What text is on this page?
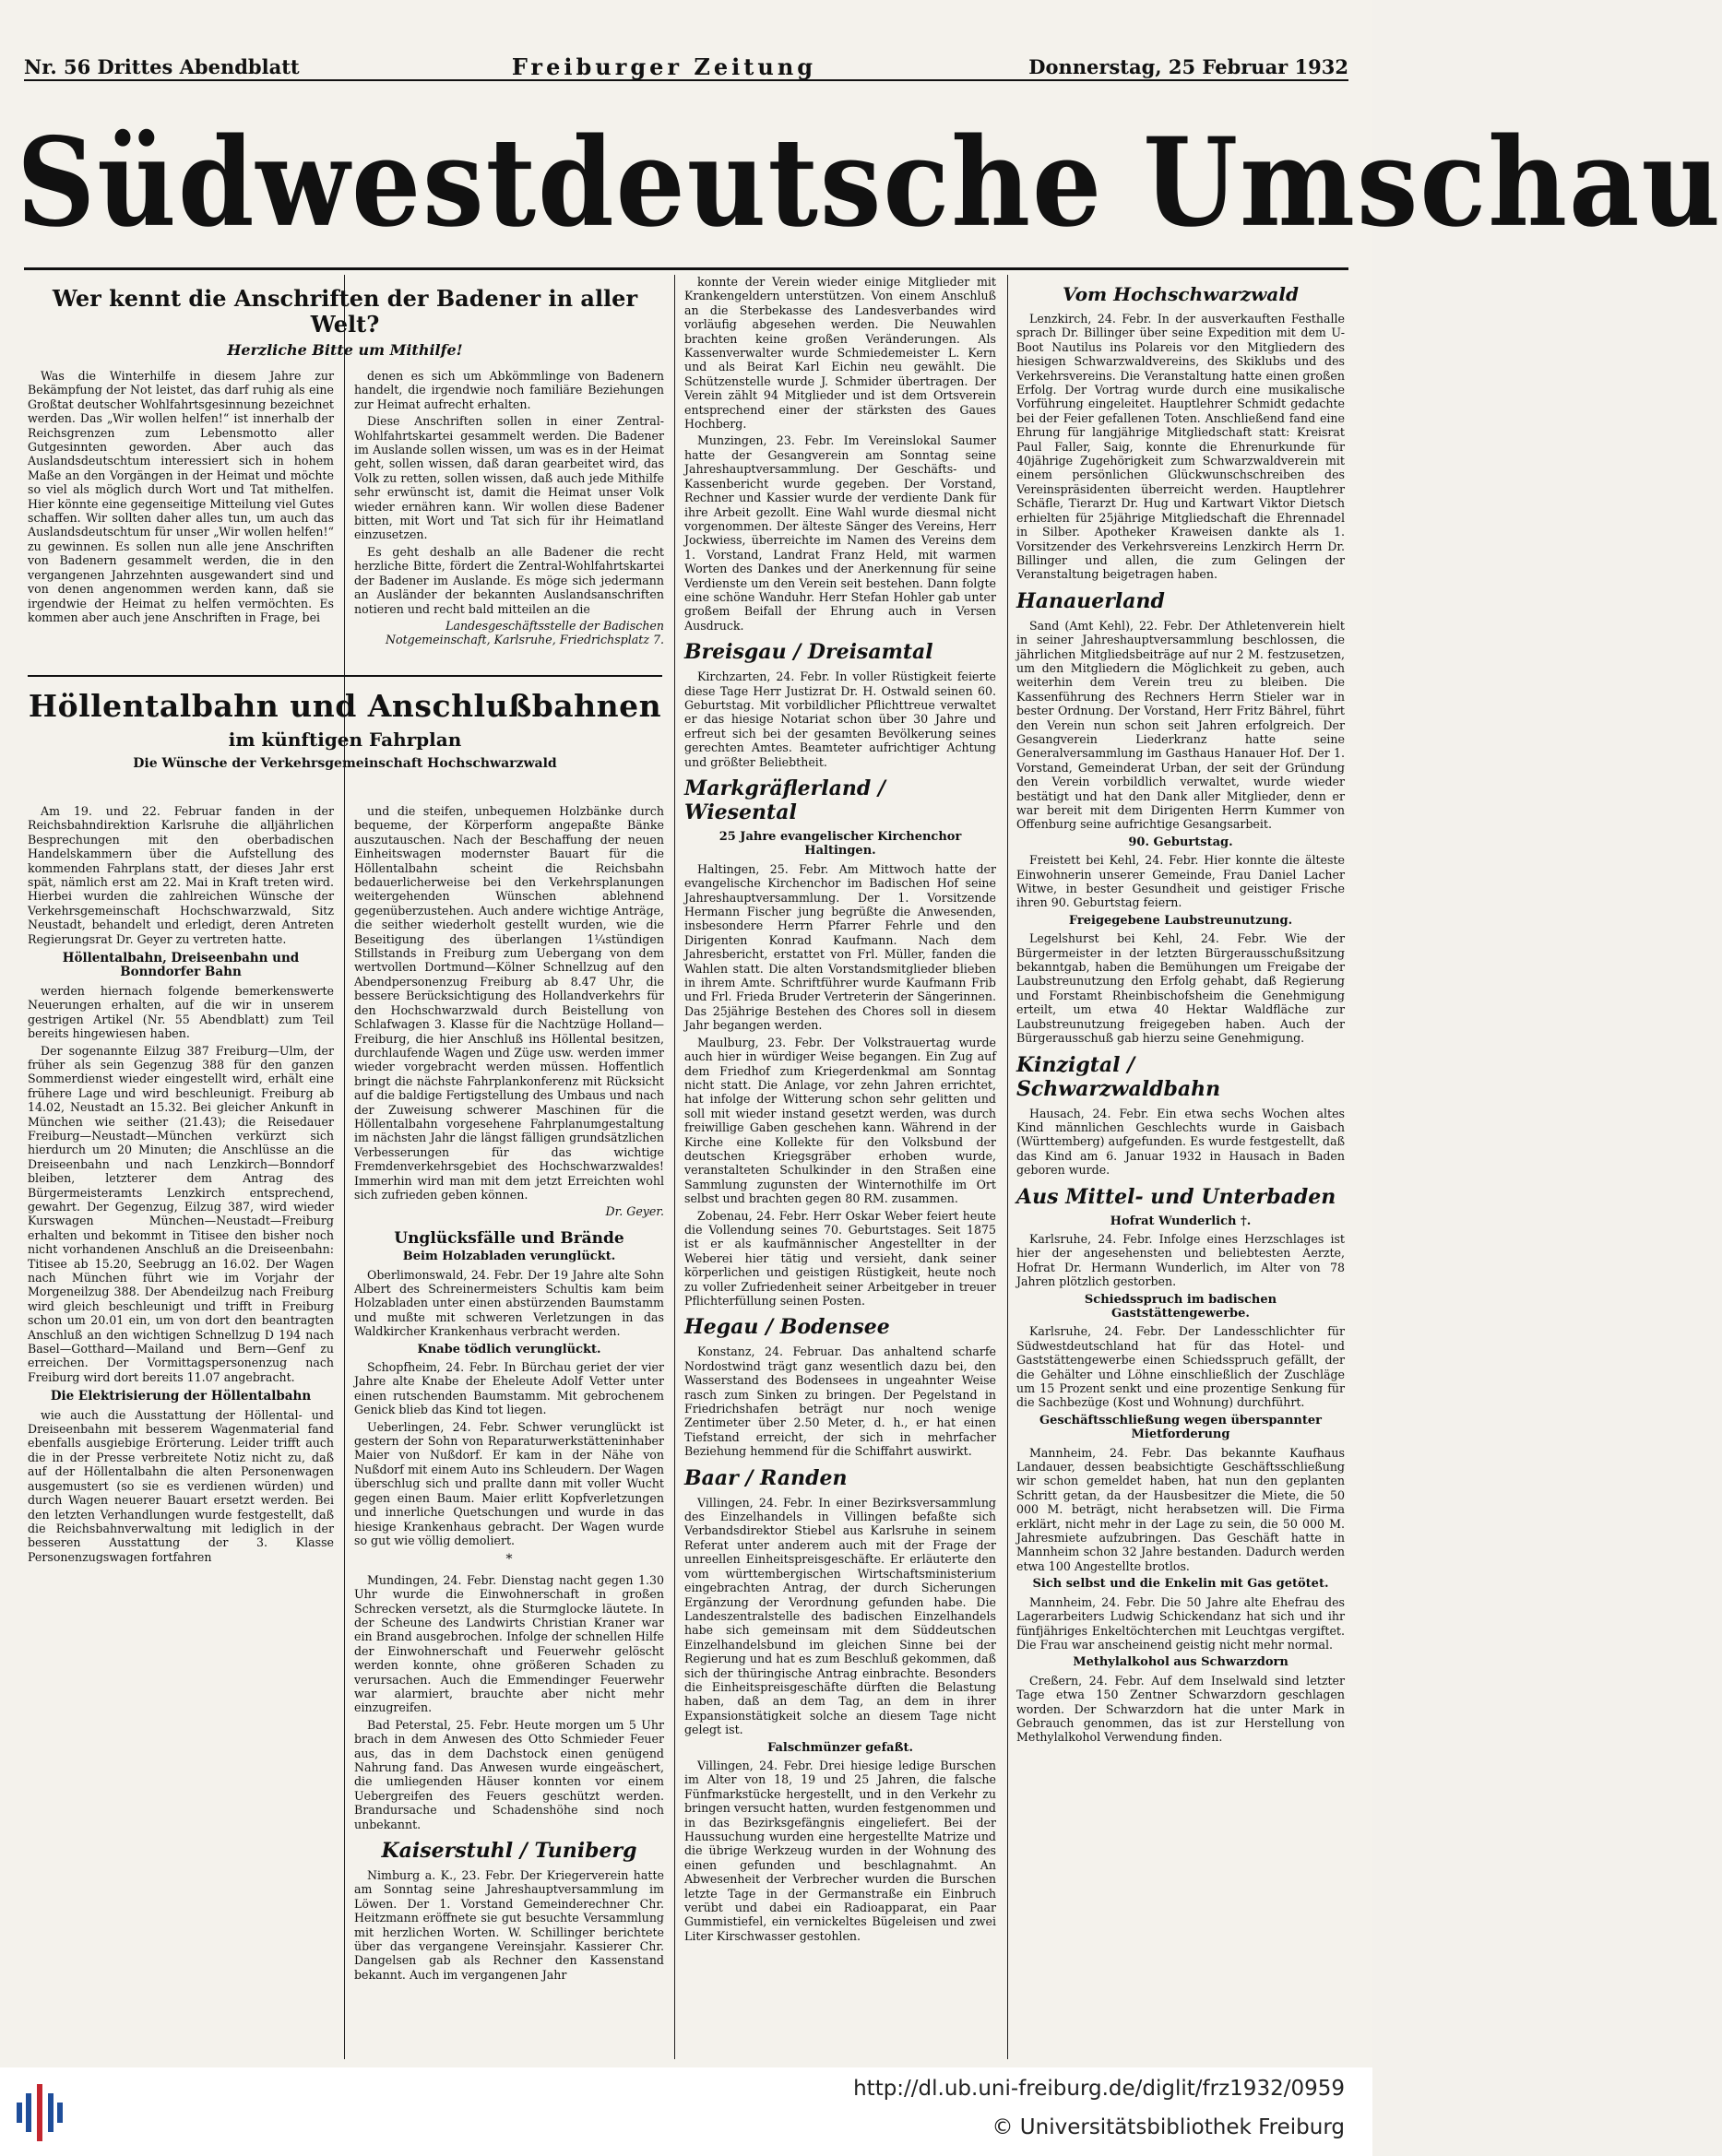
Nr. 56 Drittes Abendblatt	Freiburger Zeitung	Donnerstag, 25 Februar 1932
Südwestdeutsche Umschau
Wer kennt die Anschriften der Badener in aller Welt?
Herzliche Bitte um Mithilfe!

Was die Winterhilfe in diesem Jahre zur Bekämpfung der Not leistet, das darf ruhig als eine Großtat deutscher Wohlfahrtsgesinnung bezeichnet werden. Das „Wir wollen helfen!“ ist innerhalb der Reichsgrenzen zum Lebensmotto aller Gutgesinnten geworden. Aber auch das Auslandsdeutschtum interessiert sich in hohem Maße an den Vorgängen in der Heimat und möchte so viel als möglich durch Wort und Tat mithelfen. Hier könnte eine gegenseitige Mitteilung viel Gutes schaffen. Wir sollten daher alles tun, um auch das Auslandsdeutschtum für unser „Wir wollen helfen!“ zu gewinnen. Es sollen nun alle jene Anschriften von Badenern gesammelt werden, die in den vergangenen Jahrzehnten ausgewandert sind und von denen angenommen werden kann, daß sie irgendwie der Heimat zu helfen vermöchten. Es kommen aber auch jene Anschriften in Frage, bei

Höllentalbahn und Anschlußbahnen
im künftigen Fahrplan
Die Wünsche der Verkehrsgemeinschaft Hochschwarzwald

Am 19. und 22. Februar fanden in der Reichsbahndirektion Karlsruhe die alljährlichen Besprechungen mit den oberbadischen Handelskammern über die Aufstellung des kommenden Fahrplans statt, der dieses Jahr erst spät, nämlich erst am 22. Mai in Kraft treten wird. Hierbei wurden die zahlreichen Wünsche der Verkehrsgemeinschaft Hochschwarzwald, Sitz Neustadt, behandelt und erledigt, deren Antreten Regierungsrat Dr. Geyer zu vertreten hatte.

Höllentalbahn, Dreiseenbahn und Bonndorfer Bahn

werden hiernach folgende bemerkenswerte Neuerungen erhalten, auf die wir in unserem gestrigen Artikel (Nr. 55 Abendblatt) zum Teil bereits hingewiesen haben.

Der sogenannte Eilzug 387 Freiburg—Ulm, der früher als sein Gegenzug 388 für den ganzen Sommerdienst wieder eingestellt wird, erhält eine frühere Lage und wird beschleunigt. Freiburg ab 14.02, Neustadt an 15.32. Bei gleicher Ankunft in München wie seither (21.43); die Reisedauer Freiburg—Neustadt—München verkürzt sich hierdurch um 20 Minuten; die Anschlüsse an die Dreiseenbahn und nach Lenzkirch—Bonndorf bleiben, letzterer dem Antrag des Bürgermeisteramts Lenzkirch entsprechend, gewahrt. Der Gegenzug, Eilzug 387, wird wieder Kurswagen München—Neustadt—Freiburg erhalten und bekommt in Titisee den bisher noch nicht vorhandenen Anschluß an die Dreiseenbahn: Titisee ab 15.20, Seebrugg an 16.02. Der Wagen nach München führt wie im Vorjahr der Morgeneilzug 388. Der Abendeilzug nach Freiburg wird gleich beschleunigt und trifft in Freiburg schon um 20.01 ein, um von dort den beantragten Anschluß an den wichtigen Schnellzug D 194 nach Basel—Gotthard—Mailand und Bern—Genf zu erreichen. Der Vormittagspersonenzug nach Freiburg wird dort bereits 11.07 angebracht.

Die Elektrisierung der Höllentalbahn

wie auch die Ausstattung der Höllental- und Dreiseenbahn mit besserem Wagenmaterial fand ebenfalls ausgiebige Erörterung. Leider trifft auch die in der Presse verbreitete Notiz nicht zu, daß auf der Höllentalbahn die alten Personenwagen ausgemustert (so sie es verdienen würden) und durch Wagen neuerer Bauart ersetzt werden. Bei den letzten Verhandlungen wurde festgestellt, daß die Reichsbahnverwaltung mit lediglich in der besseren Ausstattung der 3. Klasse Personenzugswagen fortfahren

denen es sich um Abkömmlinge von Badenern handelt, die irgendwie noch familiäre Beziehungen zur Heimat aufrecht erhalten.

Diese Anschriften sollen in einer Zentral-Wohlfahrtskartei gesammelt werden. Die Badener im Auslande sollen wissen, um was es in der Heimat geht, sollen wissen, daß daran gearbeitet wird, das Volk zu retten, sollen wissen, daß auch jede Mithilfe sehr erwünscht ist, damit die Heimat unser Volk wieder ernähren kann. Wir wollen diese Badener bitten, mit Wort und Tat sich für ihr Heimatland einzusetzen.

Es geht deshalb an alle Badener die recht herzliche Bitte, fördert die Zentral-Wohlfahrtskartei der Badener im Auslande. Es möge sich jedermann an Ausländer der bekannten Auslandsanschriften notieren und recht bald mitteilen an die

Landesgeschäftsstelle der Badischen Notgemeinschaft, Karlsruhe, Friedrichsplatz 7.

und die steifen, unbequemen Holzbänke durch bequeme, der Körperform angepaßte Bänke auszutauschen. Nach der Beschaffung der neuen Einheitswagen modernster Bauart für die Höllentalbahn scheint die Reichsbahn bedauerlicherweise bei den Verkehrsplanungen weitergehenden Wünschen ablehnend gegenüberzustehen. Auch andere wichtige Anträge, die seither wiederholt gestellt wurden, wie die Beseitigung des überlangen 1¼stündigen Stillstands in Freiburg zum Uebergang von dem wertvollen Dortmund—Kölner Schnellzug auf den Abendpersonenzug Freiburg ab 8.47 Uhr, die bessere Berücksichtigung des Hollandverkehrs für den Hochschwarzwald durch Beistellung von Schlafwagen 3. Klasse für die Nachtzüge Holland—Freiburg, die hier Anschluß ins Höllental besitzen, durchlaufende Wagen und Züge usw. werden immer wieder vorgebracht werden müssen. Hoffentlich bringt die nächste Fahrplankonferenz mit Rücksicht auf die baldige Fertigstellung des Umbaus und nach der Zuweisung schwerer Maschinen für die Höllentalbahn vorgesehene Fahrplanumgestaltung im nächsten Jahr die längst fälligen grundsätzlichen Verbesserungen für das wichtige Fremdenverkehrsgebiet des Hochschwarzwaldes! Immerhin wird man mit dem jetzt Erreichten wohl sich zufrieden geben können.

Dr. Geyer.

Unglücksfälle und Brände
Beim Holzabladen verunglückt.

Oberlimonswald, 24. Febr. Der 19 Jahre alte Sohn Albert des Schreinermeisters Schultis kam beim Holzabladen unter einen abstürzenden Baumstamm und mußte mit schweren Verletzungen in das Waldkircher Krankenhaus verbracht werden.

Knabe tödlich verunglückt.

Schopfheim, 24. Febr. In Bürchau geriet der vier Jahre alte Knabe der Eheleute Adolf Vetter unter einen rutschenden Baumstamm. Mit gebrochenem Genick blieb das Kind tot liegen.

Ueberlingen, 24. Febr. Schwer verunglückt ist gestern der Sohn von Reparaturwerkstätteninhaber Maier von Nußdorf. Er kam in der Nähe von Nußdorf mit einem Auto ins Schleudern. Der Wagen überschlug sich und prallte dann mit voller Wucht gegen einen Baum. Maier erlitt Kopfverletzungen und innerliche Quetschungen und wurde in das hiesige Krankenhaus gebracht. Der Wagen wurde so gut wie völlig demoliert.

*

Mundingen, 24. Febr. Dienstag nacht gegen 1.30 Uhr wurde die Einwohnerschaft in großen Schrecken versetzt, als die Sturmglocke läutete. In der Scheune des Landwirts Christian Kraner war ein Brand ausgebrochen. Infolge der schnellen Hilfe der Einwohnerschaft und Feuerwehr gelöscht werden konnte, ohne größeren Schaden zu verursachen. Auch die Emmendinger Feuerwehr war alarmiert, brauchte aber nicht mehr einzugreifen.

Bad Peterstal, 25. Febr. Heute morgen um 5 Uhr brach in dem Anwesen des Otto Schmieder Feuer aus, das in dem Dachstock einen genügend Nahrung fand. Das Anwesen wurde eingeäschert, die umliegenden Häuser konnten vor einem Uebergreifen des Feuers geschützt werden. Brandursache und Schadenshöhe sind noch unbekannt.

Kaiserstuhl / Tuniberg

Nimburg a. K., 23. Febr. Der Kriegerverein hatte am Sonntag seine Jahreshauptversammlung im Löwen. Der 1. Vorstand Gemeinderechner Chr. Heitzmann eröffnete sie gut besuchte Versammlung mit herzlichen Worten. W. Schillinger berichtete über das vergangene Vereinsjahr. Kassierer Chr. Dangelsen gab als Rechner den Kassenstand bekannt. Auch im vergangenen Jahr

konnte der Verein wieder einige Mitglieder mit Krankengeldern unterstützen. Von einem Anschluß an die Sterbekasse des Landesverbandes wird vorläufig abgesehen werden. Die Neuwahlen brachten keine großen Veränderungen. Als Kassenverwalter wurde Schmiedemeister L. Kern und als Beirat Karl Eichin neu gewählt. Die Schützenstelle wurde J. Schmider übertragen. Der Verein zählt 94 Mitglieder und ist dem Ortsverein entsprechend einer der stärksten des Gaues Hochberg.

Munzingen, 23. Febr. Im Vereinslokal Saumer hatte der Gesangverein am Sonntag seine Jahreshauptversammlung. Der Geschäfts- und Kassenbericht wurde gegeben. Der Vorstand, Rechner und Kassier wurde der verdiente Dank für ihre Arbeit gezollt. Eine Wahl wurde diesmal nicht vorgenommen. Der älteste Sänger des Vereins, Herr Jockwiess, überreichte im Namen des Vereins dem 1. Vorstand, Landrat Franz Held, mit warmen Worten des Dankes und der Anerkennung für seine Verdienste um den Verein seit bestehen. Dann folgte eine schöne Wanduhr. Herr Stefan Hohler gab unter großem Beifall der Ehrung auch in Versen Ausdruck.

Breisgau / Dreisamtal

Kirchzarten, 24. Febr. In voller Rüstigkeit feierte diese Tage Herr Justizrat Dr. H. Ostwald seinen 60. Geburtstag. Mit vorbildlicher Pflichttreue verwaltet er das hiesige Notariat schon über 30 Jahre und erfreut sich bei der gesamten Bevölkerung seines gerechten Amtes. Beamteter aufrichtiger Achtung und größter Beliebtheit.

Markgräflerland / Wiesental
25 Jahre evangelischer Kirchenchor Haltingen.

Haltingen, 25. Febr. Am Mittwoch hatte der evangelische Kirchenchor im Badischen Hof seine Jahreshauptversammlung. Der 1. Vorsitzende Hermann Fischer jung begrüßte die Anwesenden, insbesondere Herrn Pfarrer Fehrle und den Dirigenten Konrad Kaufmann. Nach dem Jahresbericht, erstattet von Frl. Müller, fanden die Wahlen statt. Die alten Vorstandsmitglieder blieben in ihrem Amte. Schriftführer wurde Kaufmann Frib und Frl. Frieda Bruder Vertreterin der Sängerinnen. Das 25jährige Bestehen des Chores soll in diesem Jahr begangen werden.

Maulburg, 23. Febr. Der Volkstrauertag wurde auch hier in würdiger Weise begangen. Ein Zug auf dem Friedhof zum Kriegerdenkmal am Sonntag nicht statt. Die Anlage, vor zehn Jahren errichtet, hat infolge der Witterung schon sehr gelitten und soll mit wieder instand gesetzt werden, was durch freiwillige Gaben geschehen kann. Während in der Kirche eine Kollekte für den Volksbund der deutschen Kriegsgräber erhoben wurde, veranstalteten Schulkinder in den Straßen eine Sammlung zugunsten der Winternothilfe im Ort selbst und brachten gegen 80 RM. zusammen.

Zobenau, 24. Febr. Herr Oskar Weber feiert heute die Vollendung seines 70. Geburtstages. Seit 1875 ist er als kaufmännischer Angestellter in der Weberei hier tätig und versieht, dank seiner körperlichen und geistigen Rüstigkeit, heute noch zu voller Zufriedenheit seiner Arbeitgeber in treuer Pflichterfüllung seinen Posten.

Hegau / Bodensee

Konstanz, 24. Februar. Das anhaltend scharfe Nordostwind trägt ganz wesentlich dazu bei, den Wasserstand des Bodensees in ungeahnter Weise rasch zum Sinken zu bringen. Der Pegelstand in Friedrichshafen beträgt nur noch wenige Zentimeter über 2.50 Meter, d. h., er hat einen Tiefstand erreicht, der sich in mehrfacher Beziehung hemmend für die Schiffahrt auswirkt.

Baar / Randen

Villingen, 24. Febr. In einer Bezirksversammlung des Einzelhandels in Villingen befaßte sich Verbandsdirektor Stiebel aus Karlsruhe in seinem Referat unter anderem auch mit der Frage der unreellen Einheitspreisgeschäfte. Er erläuterte den vom württembergischen Wirtschaftsministerium eingebrachten Antrag, der durch Sicherungen Ergänzung der Verordnung gefunden habe. Die Landeszentralstelle des badischen Einzelhandels habe sich gemeinsam mit dem Süddeutschen Einzelhandelsbund im gleichen Sinne bei der Regierung und hat es zum Beschluß gekommen, daß sich der thüringische Antrag einbrachte. Besonders die Einheitspreisgeschäfte dürften die Belastung haben, daß an dem Tag, an dem in ihrer Expansionstätigkeit solche an diesem Tage nicht gelegt ist.

Falschmünzer gefaßt.

Villingen, 24. Febr. Drei hiesige ledige Burschen im Alter von 18, 19 und 25 Jahren, die falsche Fünfmarkstücke hergestellt, und in den Verkehr zu bringen versucht hatten, wurden festgenommen und in das Bezirksgefängnis eingeliefert. Bei der Haussuchung wurden eine hergestellte Matrize und die übrige Werkzeug wurden in der Wohnung des einen gefunden und beschlagnahmt. An Abwesenheit der Verbrecher wurden die Burschen letzte Tage in der Germanstraße ein Einbruch verübt und dabei ein Radioapparat, ein Paar Gummistiefel, ein vernickeltes Bügeleisen und zwei Liter Kirschwasser gestohlen.

Vom Hochschwarzwald

Lenzkirch, 24. Febr. In der ausverkauften Festhalle sprach Dr. Billinger über seine Expedition mit dem U-Boot Nautilus ins Polareis vor den Mitgliedern des hiesigen Schwarzwaldvereins, des Skiklubs und des Verkehrsvereins. Die Veranstaltung hatte einen großen Erfolg. Der Vortrag wurde durch eine musikalische Vorführung eingeleitet. Hauptlehrer Schmidt gedachte bei der Feier gefallenen Toten. Anschließend fand eine Ehrung für langjährige Mitgliedschaft statt: Kreisrat Paul Faller, Saig, konnte die Ehrenurkunde für 40jährige Zugehörigkeit zum Schwarzwaldverein mit einem persönlichen Glückwunschschreiben des Vereinspräsidenten überreicht werden. Hauptlehrer Schäfle, Tierarzt Dr. Hug und Kartwart Viktor Dietsch erhielten für 25jährige Mitgliedschaft die Ehrennadel in Silber. Apotheker Kraweisen dankte als 1. Vorsitzender des Verkehrsvereins Lenzkirch Herrn Dr. Billinger und allen, die zum Gelingen der Veranstaltung beigetragen haben.

Hanauerland

Sand (Amt Kehl), 22. Febr. Der Athletenverein hielt in seiner Jahreshauptversammlung beschlossen, die jährlichen Mitgliedsbeiträge auf nur 2 M. festzusetzen, um den Mitgliedern die Möglichkeit zu geben, auch weiterhin dem Verein treu zu bleiben. Die Kassenführung des Rechners Herrn Stieler war in bester Ordnung. Der Vorstand, Herr Fritz Bährel, führt den Verein nun schon seit Jahren erfolgreich. Der Gesangverein Liederkranz hatte seine Generalversammlung im Gasthaus Hanauer Hof. Der 1. Vorstand, Gemeinderat Urban, der seit der Gründung den Verein vorbildlich verwaltet, wurde wieder bestätigt und hat den Dank aller Mitglieder, denn er war bereit mit dem Dirigenten Herrn Kummer von Offenburg seine aufrichtige Gesangsarbeit.

90. Geburtstag.

Freistett bei Kehl, 24. Febr. Hier konnte die älteste Einwohnerin unserer Gemeinde, Frau Daniel Lacher Witwe, in bester Gesundheit und geistiger Frische ihren 90. Geburtstag feiern.

Freigegebene Laubstreunutzung.

Legelshurst bei Kehl, 24. Febr. Wie der Bürgermeister in der letzten Bürgerausschußsitzung bekanntgab, haben die Bemühungen um Freigabe der Laubstreunutzung den Erfolg gehabt, daß Regierung und Forstamt Rheinbischofsheim die Genehmigung erteilt, um etwa 40 Hektar Waldfläche zur Laubstreunutzung freigegeben haben. Auch der Bürgerausschuß gab hierzu seine Genehmigung.

Kinzigtal / Schwarzwaldbahn

Hausach, 24. Febr. Ein etwa sechs Wochen altes Kind männlichen Geschlechts wurde in Gaisbach (Württemberg) aufgefunden. Es wurde festgestellt, daß das Kind am 6. Januar 1932 in Hausach in Baden geboren wurde.

Aus Mittel- und Unterbaden
Hofrat Wunderlich †.

Karlsruhe, 24. Febr. Infolge eines Herzschlages ist hier der angesehensten und beliebtesten Aerzte, Hofrat Dr. Hermann Wunderlich, im Alter von 78 Jahren plötzlich gestorben.

Schiedsspruch im badischen Gaststättengewerbe.

Karlsruhe, 24. Febr. Der Landesschlichter für Südwestdeutschland hat für das Hotel- und Gaststättengewerbe einen Schiedsspruch gefällt, der die Gehälter und Löhne einschließlich der Zuschläge um 15 Prozent senkt und eine prozentige Senkung für die Sachbezüge (Kost und Wohnung) durchführt.

Geschäftsschließung wegen überspannter Mietforderung

Mannheim, 24. Febr. Das bekannte Kaufhaus Landauer, dessen beabsichtigte Geschäftsschließung wir schon gemeldet haben, hat nun den geplanten Schritt getan, da der Hausbesitzer die Miete, die 50 000 M. beträgt, nicht herabsetzen will. Die Firma erklärt, nicht mehr in der Lage zu sein, die 50 000 M. Jahresmiete aufzubringen. Das Geschäft hatte in Mannheim schon 32 Jahre bestanden. Dadurch werden etwa 100 Angestellte brotlos.

Sich selbst und die Enkelin mit Gas getötet.

Mannheim, 24. Febr. Die 50 Jahre alte Ehefrau des Lagerarbeiters Ludwig Schickendanz hat sich und ihr fünfjähriges Enkeltöchterchen mit Leuchtgas vergiftet. Die Frau war anscheinend geistig nicht mehr normal.

Methylalkohol aus Schwarzdorn

Creßern, 24. Febr. Auf dem Inselwald sind letzter Tage etwa 150 Zentner Schwarzdorn geschlagen worden. Der Schwarzdorn hat die unter Mark in Gebrauch genommen, das ist zur Herstellung von Methylalkohol Verwendung finden.

http://dl.ub.uni-freiburg.de/diglit/frz1932/0959
© Universitätsbibliothek Freiburg
